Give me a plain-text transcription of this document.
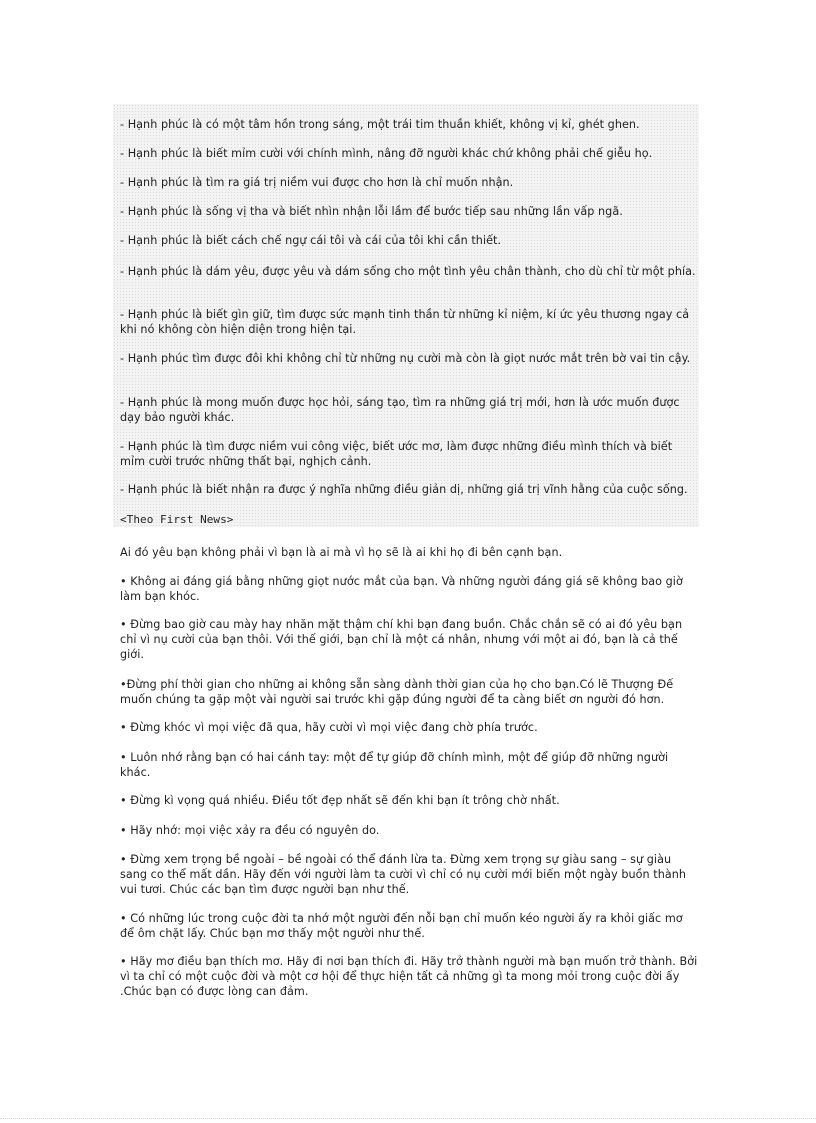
- Hạnh phúc là có một tâm hồn trong sáng, một trái tim thuần khiết, không vị kỉ, ghét ghen.
- Hạnh phúc là biết mỉm cười với chính mình, nâng đỡ người khác chứ không phải chế giễu họ.
- Hạnh phúc là tìm ra giá trị niềm vui được cho hơn là chỉ muốn nhận.
- Hạnh phúc là sống vị tha và biết nhìn nhận lỗi lầm để bước tiếp sau những lần vấp ngã.
- Hạnh phúc là biết cách chế ngự cái tôi và cái của tôi khi cần thiết.
- Hạnh phúc là dám yêu, được yêu và dám sống cho một tình yêu chân thành, cho dù chỉ từ một phía.
- Hạnh phúc là biết gìn giữ, tìm được sức mạnh tinh thần từ những kỉ niệm, kí ức yêu thương ngay cả khi nó không còn hiện diện trong hiện tại.
- Hạnh phúc tìm được đôi khi không chỉ từ những nụ cười mà còn là giọt nước mắt trên bờ vai tin cậy.
- Hạnh phúc là mong muốn được học hỏi, sáng tạo, tìm ra những giá trị mới, hơn là ước muốn được dạy bảo người khác.
- Hạnh phúc là tìm được niềm vui công việc, biết ước mơ, làm được những điều mình thích và biết mỉm cười trước những thất bại, nghịch cảnh.
- Hạnh phúc là biết nhận ra được ý nghĩa những điều giản dị, những giá trị vĩnh hằng của cuộc sống.
<Theo First News>
Ai đó yêu bạn không phải vì bạn là ai mà vì họ sẽ là ai khi họ đi bên cạnh bạn.
• Không ai đáng giá bằng những giọt nước mắt của bạn. Và những người đáng giá sẽ không bao giờ làm bạn khóc.
• Đừng bao giờ cau mày hay nhăn mặt thậm chí khi bạn đang buồn. Chắc chắn sẽ có ai đó yêu bạn chỉ vì nụ cười của bạn thôi. Với thế giới, bạn chỉ là một cá nhân, nhưng với một ai đó, bạn là cả thế giới.
•Đừng phí thời gian cho những ai không sẵn sàng dành thời gian của họ cho bạn.Có lẽ Thượng Đế muốn chúng ta gặp một vài người sai trước khi gặp đúng người để ta càng biết ơn người đó hơn.
• Đừng khóc vì mọi việc đã qua, hãy cười vì mọi việc đang chờ phía trước.
• Luôn nhớ rằng bạn có hai cánh tay: một để tự giúp đỡ chính mình, một để giúp đỡ những người khác.
• Đừng kì vọng quá nhiều. Điều tốt đẹp nhất sẽ đến khi bạn ít trông chờ nhất.
• Hãy nhớ: mọi việc xảy ra đều có nguyên do.
• Đừng xem trọng bề ngoài – bề ngoài có thể đánh lừa ta. Đừng xem trọng sự giàu sang – sự giàu sang co thể mất dần. Hãy đến với người làm ta cười vì chỉ có nụ cười mới biến một ngày buồn thành vui tươi. Chúc các bạn tìm được người bạn như thế.
• Có những lúc trong cuộc đời ta nhớ một người đến nỗi bạn chỉ muốn kéo người ấy ra khỏi giấc mơ để ôm chặt lấy. Chúc bạn mơ thấy một người như thế.
• Hãy mơ điều bạn thích mơ. Hãy đi nơi bạn thích đi. Hãy trở thành người mà bạn muốn trở thành. Bởi vì ta chỉ có một cuộc đời và một cơ hội để thực hiện tất cả những gì ta mong mỏi trong cuộc đời ấy .Chúc bạn có được lòng can đảm.
